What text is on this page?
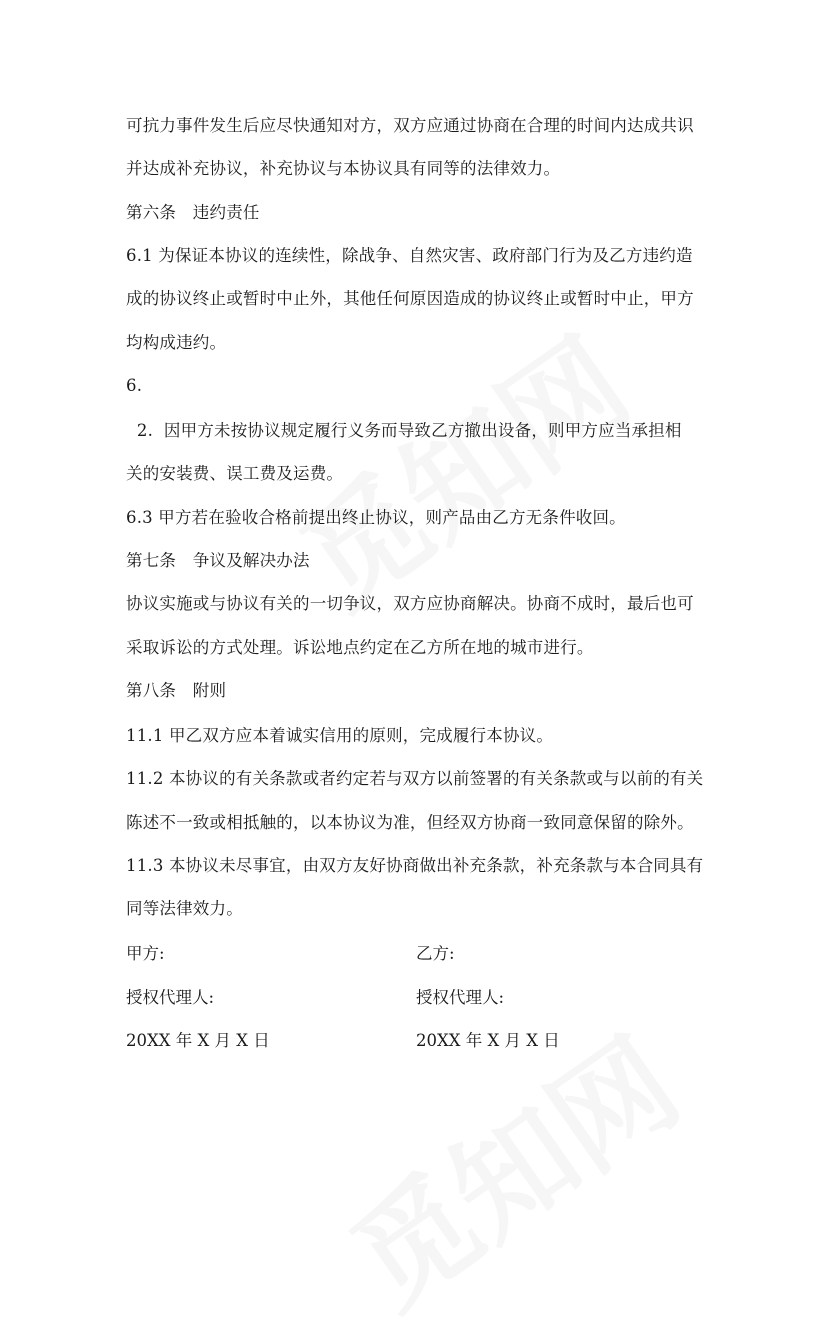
可抗力事件发生后应尽快通知对方，双方应通过协商在合理的时间内达成共识
并达成补充协议，补充协议与本协议具有同等的法律效力。
第六条　违约责任
6.1 为保证本协议的连续性，除战争、自然灾害、政府部门行为及乙方违约造
成的协议终止或暂时中止外，其他任何原因造成的协议终止或暂时中止，甲方
均构成违约。
6.
2.  因甲方未按协议规定履行义务而导致乙方撤出设备，则甲方应当承担相
关的安装费、误工费及运费。
6.3 甲方若在验收合格前提出终止协议，则产品由乙方无条件收回。
第七条　争议及解决办法
协议实施或与协议有关的一切争议，双方应协商解决。协商不成时，最后也可
采取诉讼的方式处理。诉讼地点约定在乙方所在地的城市进行。
第八条　附则
11.1 甲乙双方应本着诚实信用的原则，完成履行本协议。
11.2 本协议的有关条款或者约定若与双方以前签署的有关条款或与以前的有关
陈述不一致或相抵触的，以本协议为准，但经双方协商一致同意保留的除外。
11.3 本协议未尽事宜，由双方友好协商做出补充条款，补充条款与本合同具有
同等法律效力。
甲方:	乙方:
授权代理人:	授权代理人:
20XX 年 X 月 X 日	20XX 年 X 月 X 日
